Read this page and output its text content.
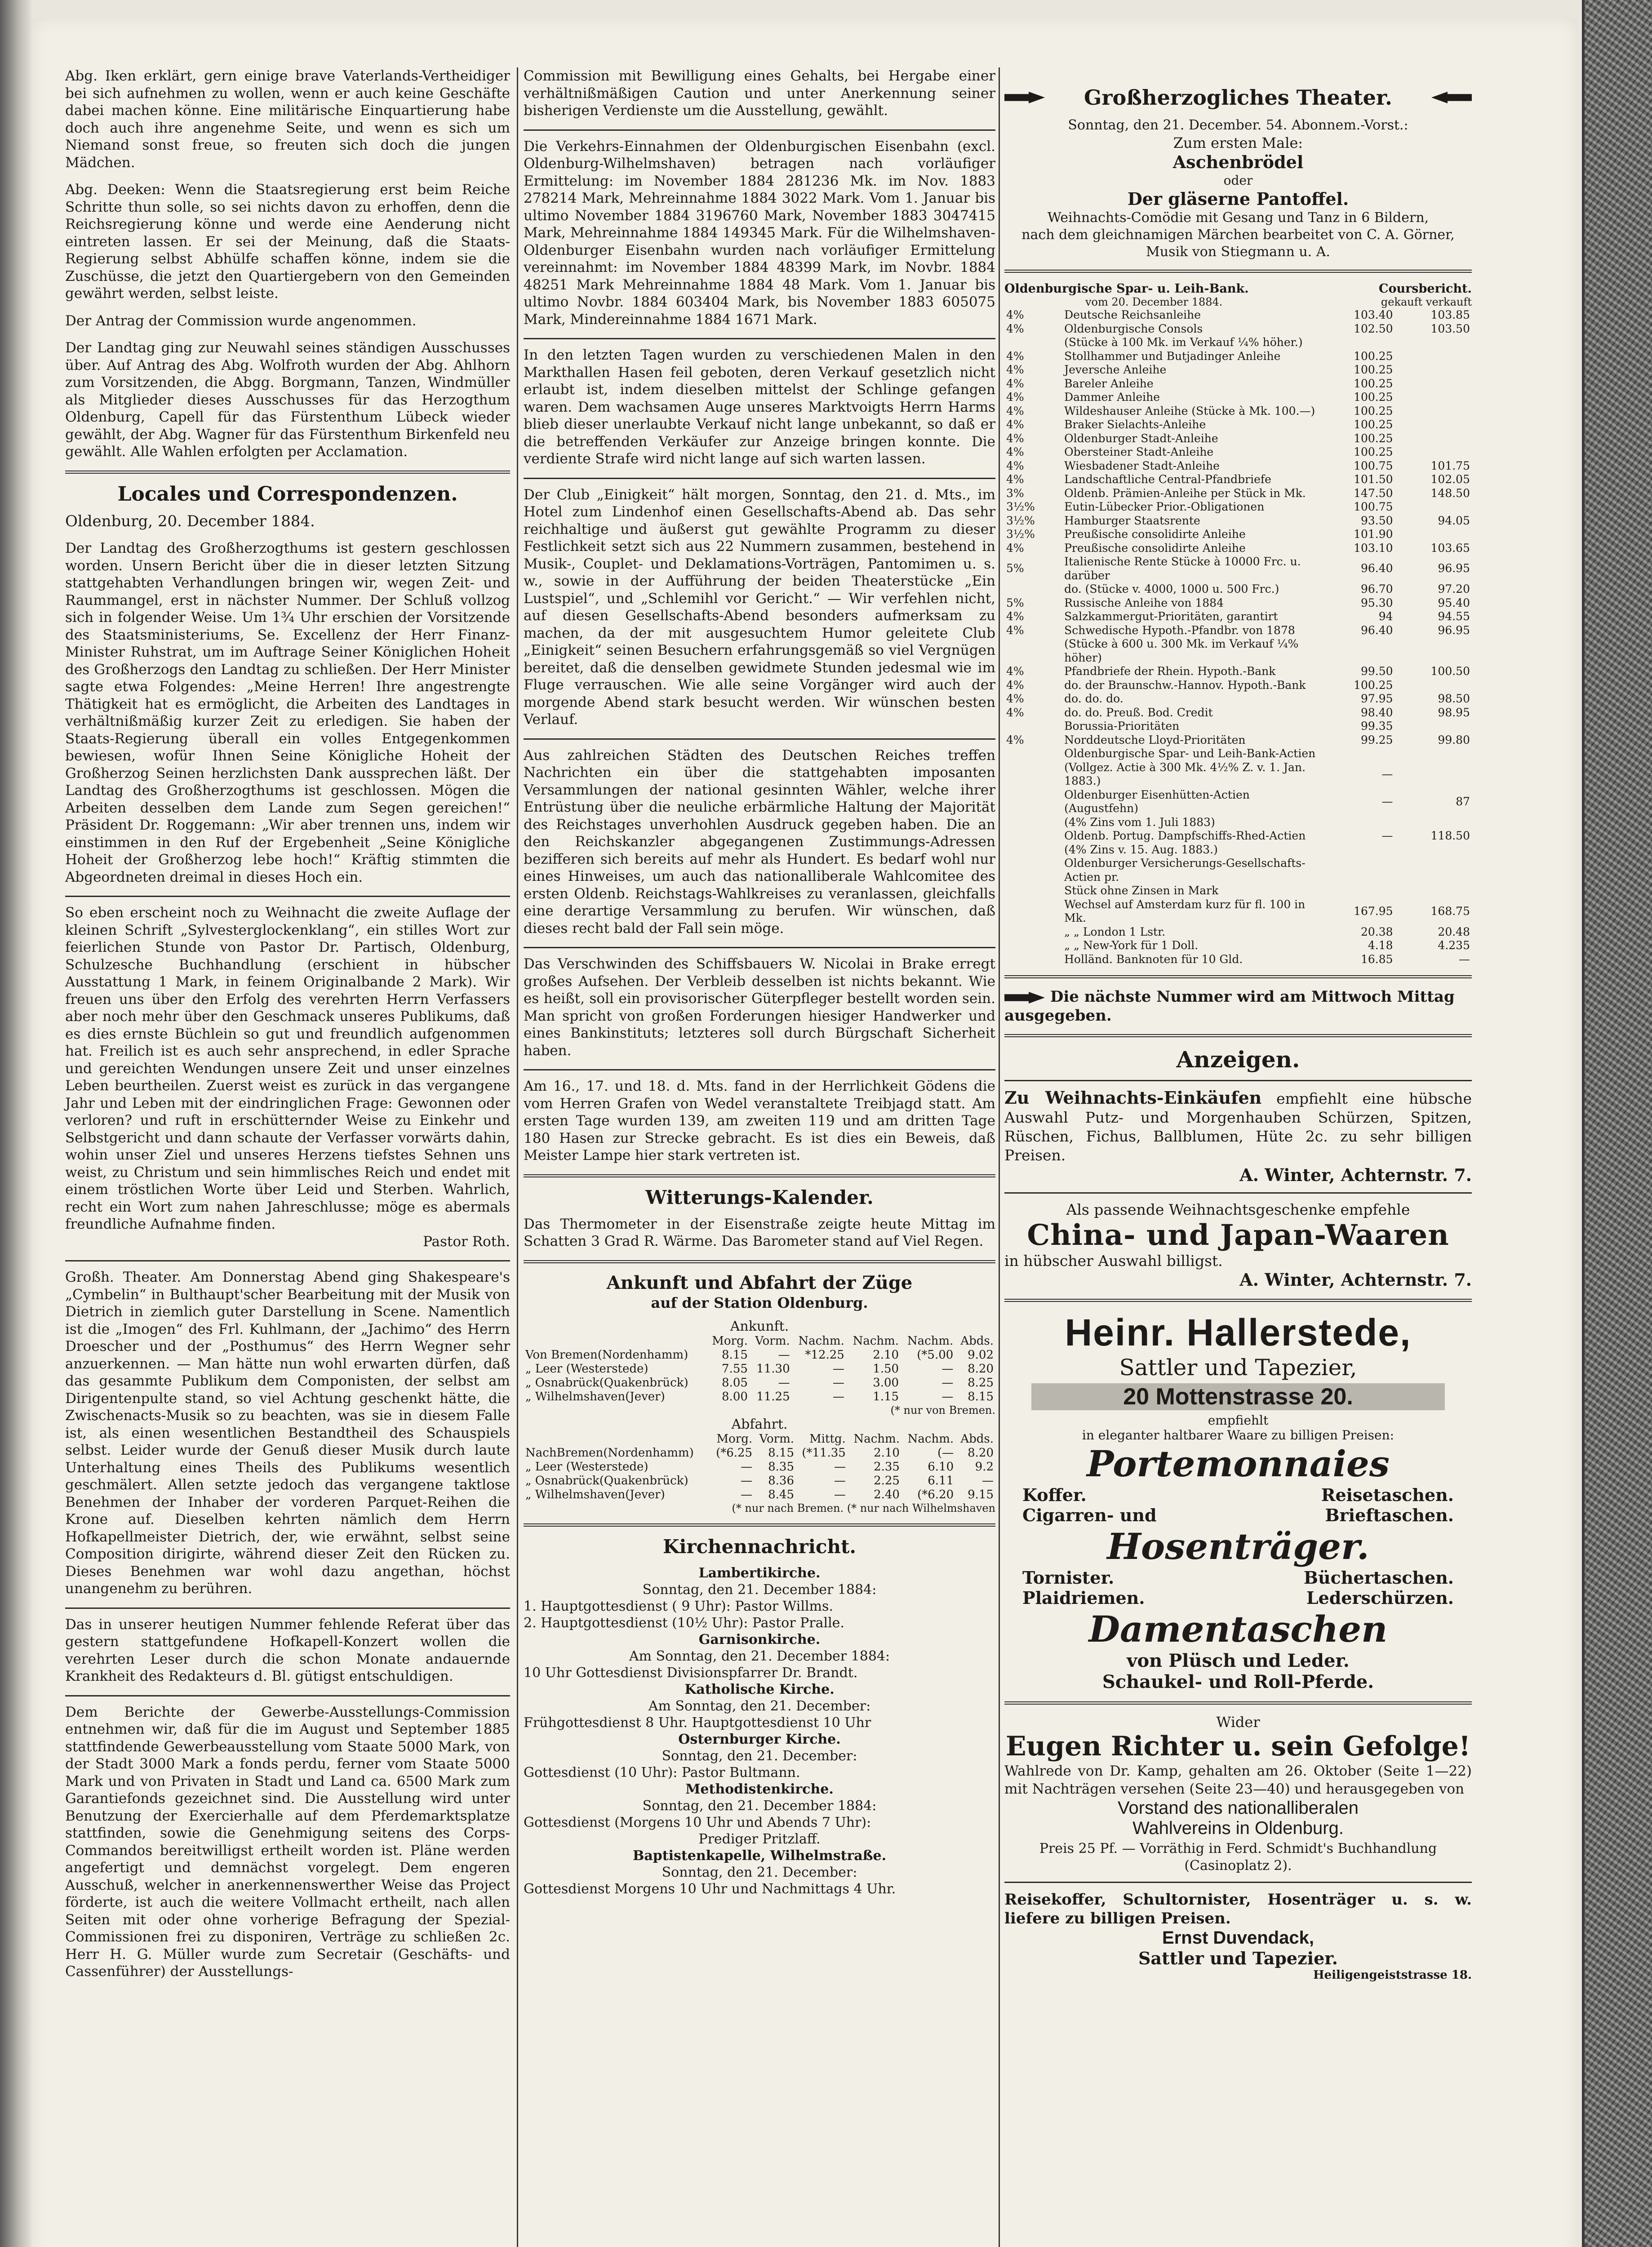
Abg. Iken erklärt, gern einige brave Vaterlands-Vertheidiger bei sich aufnehmen zu wollen, wenn er auch keine Geschäfte dabei machen könne. Eine militärische Einquartierung habe doch auch ihre angenehme Seite, und wenn es sich um Niemand sonst freue, so freuten sich doch die jungen Mädchen.

Abg. Deeken: Wenn die Staatsregierung erst beim Reiche Schritte thun solle, so sei nichts davon zu erhoffen, denn die Reichsregierung könne und werde eine Aenderung nicht eintreten lassen. Er sei der Meinung, daß die Staats-Regierung selbst Abhülfe schaffen könne, indem sie die Zuschüsse, die jetzt den Quartiergebern von den Gemeinden gewährt werden, selbst leiste.

Der Antrag der Commission wurde angenommen.

Der Landtag ging zur Neuwahl seines ständigen Ausschusses über. Auf Antrag des Abg. Wolfroth wurden der Abg. Ahlhorn zum Vorsitzenden, die Abgg. Borgmann, Tanzen, Windmüller als Mitglieder dieses Ausschusses für das Herzogthum Oldenburg, Capell für das Fürstenthum Lübeck wieder gewählt, der Abg. Wagner für das Fürstenthum Birkenfeld neu gewählt. Alle Wahlen erfolgten per Acclamation.

Locales und Correspondenzen.

Oldenburg, 20. December 1884.

Der Landtag des Großherzogthums ist gestern geschlossen worden. Unsern Bericht über die in dieser letzten Sitzung stattgehabten Verhandlungen bringen wir, wegen Zeit- und Raummangel, erst in nächster Nummer. Der Schluß vollzog sich in folgender Weise. Um 1¾ Uhr erschien der Vorsitzende des Staatsministeriums, Se. Excellenz der Herr Finanz-Minister Ruhstrat, um im Auftrage Seiner Königlichen Hoheit des Großherzogs den Landtag zu schließen. Der Herr Minister sagte etwa Folgendes: „Meine Herren! Ihre angestrengte Thätigkeit hat es ermöglicht, die Arbeiten des Landtages in verhältnißmäßig kurzer Zeit zu erledigen. Sie haben der Staats-Regierung überall ein volles Entgegenkommen bewiesen, wofür Ihnen Seine Königliche Hoheit der Großherzog Seinen herzlichsten Dank aussprechen läßt. Der Landtag des Großherzogthums ist geschlossen. Mögen die Arbeiten desselben dem Lande zum Segen gereichen!“ Präsident Dr. Roggemann: „Wir aber trennen uns, indem wir einstimmen in den Ruf der Ergebenheit „Seine Königliche Hoheit der Großherzog lebe hoch!“ Kräftig stimmten die Abgeordneten dreimal in dieses Hoch ein.

So eben erscheint noch zu Weihnacht die zweite Auflage der kleinen Schrift „Sylvesterglockenklang“, ein stilles Wort zur feierlichen Stunde von Pastor Dr. Partisch, Oldenburg, Schulzesche Buchhandlung (erschient in hübscher Ausstattung 1 Mark, in feinem Originalbande 2 Mark). Wir freuen uns über den Erfolg des verehrten Herrn Verfassers aber noch mehr über den Geschmack unseres Publikums, daß es dies ernste Büchlein so gut und freundlich aufgenommen hat. Freilich ist es auch sehr ansprechend, in edler Sprache und gereichten Wendungen unsere Zeit und unser einzelnes Leben beurtheilen. Zuerst weist es zurück in das vergangene Jahr und Leben mit der eindringlichen Frage: Gewonnen oder verloren? und ruft in erschütternder Weise zu Einkehr und Selbstgericht und dann schaute der Verfasser vorwärts dahin, wohin unser Ziel und unseres Herzens tiefstes Sehnen uns weist, zu Christum und sein himmlisches Reich und endet mit einem tröstlichen Worte über Leid und Sterben. Wahrlich, recht ein Wort zum nahen Jahreschlusse; möge es abermals freundliche Aufnahme finden.

Pastor Roth.

Großh. Theater. Am Donnerstag Abend ging Shakespeare's „Cymbelin“ in Bulthaupt'scher Bearbeitung mit der Musik von Dietrich in ziemlich guter Darstellung in Scene. Namentlich ist die „Imogen“ des Frl. Kuhlmann, der „Jachimo“ des Herrn Droescher und der „Posthumus“ des Herrn Wegner sehr anzuerkennen. — Man hätte nun wohl erwarten dürfen, daß das gesammte Publikum dem Componisten, der selbst am Dirigentenpulte stand, so viel Achtung geschenkt hätte, die Zwischenacts-Musik so zu beachten, was sie in diesem Falle ist, als einen wesentlichen Bestandtheil des Schauspiels selbst. Leider wurde der Genuß dieser Musik durch laute Unterhaltung eines Theils des Publikums wesentlich geschmälert. Allen setzte jedoch das vergangene taktlose Benehmen der Inhaber der vorderen Parquet-Reihen die Krone auf. Dieselben kehrten nämlich dem Herrn Hofkapellmeister Dietrich, der, wie erwähnt, selbst seine Composition dirigirte, während dieser Zeit den Rücken zu. Dieses Benehmen war wohl dazu angethan, höchst unangenehm zu berühren.

Das in unserer heutigen Nummer fehlende Referat über das gestern stattgefundene Hofkapell-Konzert wollen die verehrten Leser durch die schon Monate andauernde Krankheit des Redakteurs d. Bl. gütigst entschuldigen.

Dem Berichte der Gewerbe-Ausstellungs-Commission entnehmen wir, daß für die im August und September 1885 stattfindende Gewerbeausstellung vom Staate 5000 Mark, von der Stadt 3000 Mark a fonds perdu, ferner vom Staate 5000 Mark und von Privaten in Stadt und Land ca. 6500 Mark zum Garantiefonds gezeichnet sind. Die Ausstellung wird unter Benutzung der Exercierhalle auf dem Pferdemarktsplatze stattfinden, sowie die Genehmigung seitens des Corps-Commandos bereitwilligst ertheilt worden ist. Pläne werden angefertigt und demnächst vorgelegt. Dem engeren Ausschuß, welcher in anerkennenswerther Weise das Project förderte, ist auch die weitere Vollmacht ertheilt, nach allen Seiten mit oder ohne vorherige Befragung der Spezial-Commissionen frei zu disponiren, Verträge zu schließen 2c. Herr H. G. Müller wurde zum Secretair (Geschäfts- und Cassenführer) der Ausstellungs-

Commission mit Bewilligung eines Gehalts, bei Hergabe einer verhältnißmäßigen Caution und unter Anerkennung seiner bisherigen Verdienste um die Ausstellung, gewählt.

Die Verkehrs-Einnahmen der Oldenburgischen Eisenbahn (excl. Oldenburg-Wilhelmshaven) betragen nach vorläufiger Ermittelung: im November 1884 281236 Mk. im Nov. 1883 278214 Mark, Mehreinnahme 1884 3022 Mark. Vom 1. Januar bis ultimo November 1884 3196760 Mark, November 1883 3047415 Mark, Mehreinnahme 1884 149345 Mark. Für die Wilhelmshaven-Oldenburger Eisenbahn wurden nach vorläufiger Ermittelung vereinnahmt: im November 1884 48399 Mark, im Novbr. 1884 48251 Mark Mehreinnahme 1884 48 Mark. Vom 1. Januar bis ultimo Novbr. 1884 603404 Mark, bis November 1883 605075 Mark, Mindereinnahme 1884 1671 Mark.

In den letzten Tagen wurden zu verschiedenen Malen in den Markthallen Hasen feil geboten, deren Verkauf gesetzlich nicht erlaubt ist, indem dieselben mittelst der Schlinge gefangen waren. Dem wachsamen Auge unseres Marktvoigts Herrn Harms blieb dieser unerlaubte Verkauf nicht lange unbekannt, so daß er die betreffenden Verkäufer zur Anzeige bringen konnte. Die verdiente Strafe wird nicht lange auf sich warten lassen.

Der Club „Einigkeit“ hält morgen, Sonntag, den 21. d. Mts., im Hotel zum Lindenhof einen Gesellschafts-Abend ab. Das sehr reichhaltige und äußerst gut gewählte Programm zu dieser Festlichkeit setzt sich aus 22 Nummern zusammen, bestehend in Musik-, Couplet- und Deklamations-Vorträgen, Pantomimen u. s. w., sowie in der Aufführung der beiden Theaterstücke „Ein Lustspiel“, und „Schlemihl vor Gericht.“ — Wir verfehlen nicht, auf diesen Gesellschafts-Abend besonders aufmerksam zu machen, da der mit ausgesuchtem Humor geleitete Club „Einigkeit“ seinen Besuchern erfahrungsgemäß so viel Vergnügen bereitet, daß die denselben gewidmete Stunden jedesmal wie im Fluge verrauschen. Wie alle seine Vorgänger wird auch der morgende Abend stark besucht werden. Wir wünschen besten Verlauf.

Aus zahlreichen Städten des Deutschen Reiches treffen Nachrichten ein über die stattgehabten imposanten Versammlungen der national gesinnten Wähler, welche ihrer Entrüstung über die neuliche erbärmliche Haltung der Majorität des Reichstages unverhohlen Ausdruck gegeben haben. Die an den Reichskanzler abgegangenen Zustimmungs-Adressen bezifferen sich bereits auf mehr als Hundert. Es bedarf wohl nur eines Hinweises, um auch das nationalliberale Wahlcomitee des ersten Oldenb. Reichstags-Wahlkreises zu veranlassen, gleichfalls eine derartige Versammlung zu berufen. Wir wünschen, daß dieses recht bald der Fall sein möge.

Das Verschwinden des Schiffsbauers W. Nicolai in Brake erregt großes Aufsehen. Der Verbleib desselben ist nichts bekannt. Wie es heißt, soll ein provisorischer Güterpfleger bestellt worden sein. Man spricht von großen Forderungen hiesiger Handwerker und eines Bankinstituts; letzteres soll durch Bürgschaft Sicherheit haben.

Am 16., 17. und 18. d. Mts. fand in der Herrlichkeit Gödens die vom Herren Grafen von Wedel veranstaltete Treibjagd statt. Am ersten Tage wurden 139, am zweiten 119 und am dritten Tage 180 Hasen zur Strecke gebracht. Es ist dies ein Beweis, daß Meister Lampe hier stark vertreten ist.

Witterungs-Kalender.

Das Thermometer in der Eisenstraße zeigte heute Mittag im Schatten 3 Grad R. Wärme. Das Barometer stand auf Viel Regen.

Ankunft und Abfahrt der Züge
auf der Station Oldenburg.
Ankunft.
	Morg.	Vorm.	Nachm.	Nachm.	Nachm.	Abds.
Von Bremen(Nordenhamm)	8.15	—	*12.25	2.10	(*5.00	9.02
„ Leer (Westerstede)	7.55	11.30	—	1.50	—	8.20
„ Osnabrück(Quakenbrück)	8.05	—	—	3.00	—	8.25
„ Wilhelmshaven(Jever)	8.00	11.25	—	1.15	—	8.15
(* nur von Bremen.
Abfahrt.
	Morg.	Vorm.	Mittg.	Nachm.	Nachm.	Abds.
NachBremen(Nordenhamm)	(*6.25	8.15	(*11.35	2.10	(—	8.20
„ Leer (Westerstede)	—	8.35	—	2.35	6.10	9.2
„ Osnabrück(Quakenbrück)	—	8.36	—	2.25	6.11	—
„ Wilhelmshaven(Jever)	—	8.45	—	2.40	(*6.20	9.15
(* nur nach Bremen. (* nur nach Wilhelmshaven
Kirchennachricht.
Lambertikirche.
Sonntag, den 21. December 1884:
1. Hauptgottesdienst ( 9 Uhr): Pastor Willms.
2. Hauptgottesdienst (10½ Uhr): Pastor Pralle.
Garnisonkirche.
Am Sonntag, den 21. December 1884:
10 Uhr Gottesdienst Divisionspfarrer Dr. Brandt.
Katholische Kirche.
Am Sonntag, den 21. December:
Frühgottesdienst 8 Uhr. Hauptgottesdienst 10 Uhr
Osternburger Kirche.
Sonntag, den 21. December:
Gottesdienst (10 Uhr): Pastor Bultmann.
Methodistenkirche.
Sonntag, den 21. December 1884:
Gottesdienst (Morgens 10 Uhr und Abends 7 Uhr):
Prediger Pritzlaff.
Baptistenkapelle, Wilhelmstraße.
Sonntag, den 21. December:
Gottesdienst Morgens 10 Uhr und Nachmittags 4 Uhr.
Großherzogliches Theater.
Sonntag, den 21. December. 54. Abonnem.-Vorst.:
Zum ersten Male:
Aschenbrödel
oder
Der gläserne Pantoffel.
Weihnachts-Comödie mit Gesang und Tanz in 6 Bildern,
nach dem gleichnamigen Märchen bearbeitet von C. A. Görner,
Musik von Stiegmann u. A.
Oldenburgische Spar- u. Leih-Bank.	Coursbericht.
vom 20. December 1884.	gekauft verkauft
4%	Deutsche Reichsanleihe	103.40	103.85
4%	Oldenburgische Consols	102.50	103.50
	(Stücke à 100 Mk. im Verkauf ¼% höher.)		
4%	Stollhammer und Butjadinger Anleihe	100.25	
4%	Jeversche Anleihe	100.25	
4%	Bareler Anleihe	100.25	
4%	Dammer Anleihe	100.25	
4%	Wildeshauser Anleihe (Stücke à Mk. 100.—)	100.25	
4%	Braker Sielachts-Anleihe	100.25	
4%	Oldenburger Stadt-Anleihe	100.25	
4%	Obersteiner Stadt-Anleihe	100.25	
4%	Wiesbadener Stadt-Anleihe	100.75	101.75
4%	Landschaftliche Central-Pfandbriefe	101.50	102.05
3%	Oldenb. Prämien-Anleihe per Stück in Mk.	147.50	148.50
3½%	Eutin-Lübecker Prior.-Obligationen	100.75	
3½%	Hamburger Staatsrente	93.50	94.05
3½%	Preußische consolidirte Anleihe	101.90	
4%	Preußische consolidirte Anleihe	103.10	103.65
5%	Italienische Rente Stücke à 10000 Frc. u. darüber	96.40	96.95
	do. (Stücke v. 4000, 1000 u. 500 Frc.)	96.70	97.20
5%	Russische Anleihe von 1884	95.30	95.40
4%	Salzkammergut-Prioritäten, garantirt	94	94.55
4%	Schwedische Hypoth.-Pfandbr. von 1878	96.40	96.95
	(Stücke à 600 u. 300 Mk. im Verkauf ¼% höher)		
4%	Pfandbriefe der Rhein. Hypoth.-Bank	99.50	100.50
4%	do. der Braunschw.-Hannov. Hypoth.-Bank	100.25	
4%	do. do. do.	97.95	98.50
4%	do. do. Preuß. Bod. Credit	98.40	98.95
	Borussia-Prioritäten	99.35	
4%	Norddeutsche Lloyd-Prioritäten	99.25	99.80
	Oldenburgische Spar- und Leih-Bank-Actien		
	(Vollgez. Actie à 300 Mk. 4½% Z. v. 1. Jan. 1883.)	—	
	Oldenburger Eisenhütten-Actien (Augustfehn)	—	87
	(4% Zins vom 1. Juli 1883)		
	Oldenb. Portug. Dampfschiffs-Rhed-Actien	—	118.50
	(4% Zins v. 15. Aug. 1883.)		
	Oldenburger Versicherungs-Gesellschafts-Actien pr.		
	Stück ohne Zinsen in Mark		
	Wechsel auf Amsterdam kurz für fl. 100 in Mk.	167.95	168.75
	„ „ London 1 Lstr.	20.38	20.48
	„ „ New-York für 1 Doll.	4.18	4.235
	Holländ. Banknoten für 10 Gld.	16.85	—
Die nächste Nummer wird am Mittwoch Mittag ausgegeben.
Anzeigen.

Zu Weihnachts-Einkäufen empfiehlt eine hübsche Auswahl Putz- und Morgenhauben Schürzen, Spitzen, Rüschen, Fichus, Ballblumen, Hüte 2c. zu sehr billigen Preisen.

A. Winter, Achternstr. 7.
Als passende Weihnachtsgeschenke empfehle
China- und Japan-Waaren
in hübscher Auswahl billigst.
A. Winter, Achternstr. 7.
Heinr. Hallerstede,
Sattler und Tapezier,
20 Mottenstrasse 20.
empfiehlt
in eleganter haltbarer Waare zu billigen Preisen:
Portemonnaies
Koffer.	Reisetaschen.
Cigarren- und	Brieftaschen.
Hosenträger.
Tornister.	Büchertaschen.
Plaidriemen.	Lederschürzen.
Damentaschen
von Plüsch und Leder.
Schaukel- und Roll-Pferde.
Wider
Eugen Richter u. sein Gefolge!

Wahlrede von Dr. Kamp, gehalten am 26. Oktober (Seite 1—22) mit Nachträgen versehen (Seite 23—40) und herausgegeben von

Vorstand des nationalliberalen
Wahlvereins in Oldenburg.

Preis 25 Pf. — Vorräthig in Ferd. Schmidt's Buchhandlung (Casinoplatz 2).

Reisekoffer, Schultornister, Hosenträger u. s. w. liefere zu billigen Preisen.

Ernst Duvendack,
Sattler und Tapezier.
Heiligengeiststrasse 18.
